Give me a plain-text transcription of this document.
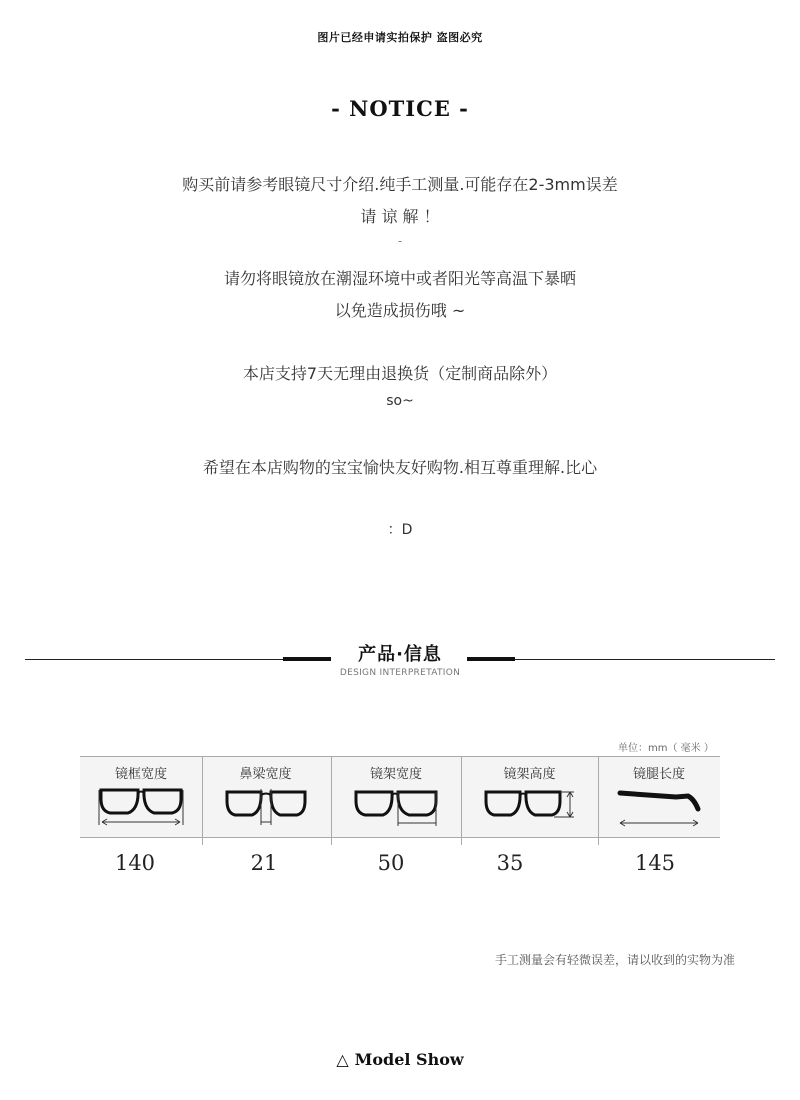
图片已经申请实拍保护 盗图必究
- NOTICE -
购买前请参考眼镜尺寸介绍.纯手工测量.可能存在2-3mm误差
请 谅 解 ！
-
请勿将眼镜放在潮湿环境中或者阳光等高温下暴晒
以免造成损伤哦 ~
本店支持7天无理由退换货（定制商品除外）
so~
希望在本店购物的宝宝愉快友好购物.相互尊重理解.比心
：D
产品·信息
DESIGN INTERPRETATION
单位：mm（ 毫米 ）
镜框宽度	鼻梁宽度	镜架宽度	镜架高度	镜腿长度
140	21	50	35	145
手工测量会有轻微误差，请以收到的实物为准
△ Model Show
